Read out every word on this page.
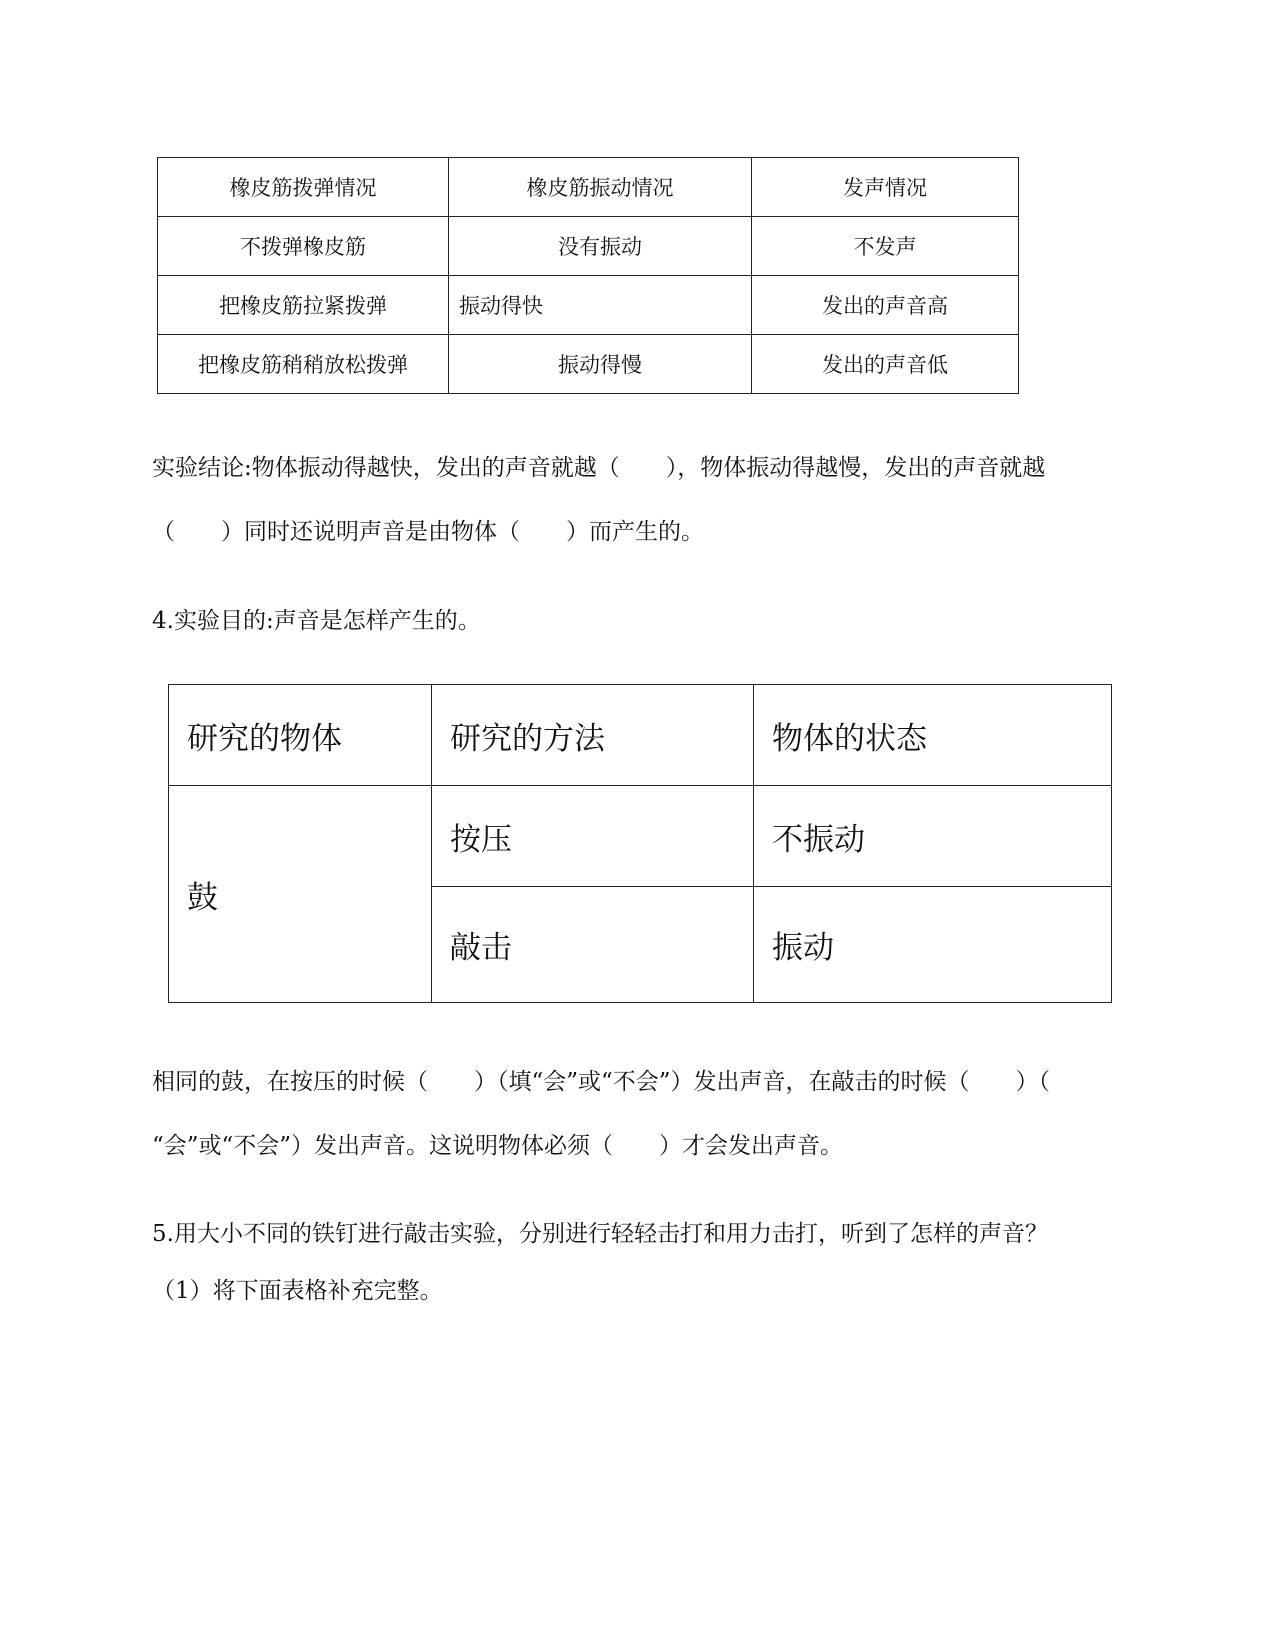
橡皮筋拨弹情况	橡皮筋振动情况	发声情况
不拨弹橡皮筋	没有振动	不发声
把橡皮筋拉紧拨弹	振动得快	发出的声音高
把橡皮筋稍稍放松拨弹	振动得慢	发出的声音低
实验结论:物体振动得越快，发出的声音就越（　　），物体振动得越慢，发出的声音就越
（　　）同时还说明声音是由物体（　　）而产生的。
4.实验目的:声音是怎样产生的。
研究的物体	研究的方法	物体的状态
鼓	按压	不振动
	敲击	振动
相同的鼓，在按压的时候（　　）（填“会”或“不会”）发出声音，在敲击的时候（　　）（
“会”或“不会”）发出声音。这说明物体必须（　　）才会发出声音。
5.用大小不同的铁钉进行敲击实验，分别进行轻轻击打和用力击打，听到了怎样的声音？
（1）将下面表格补充完整。
